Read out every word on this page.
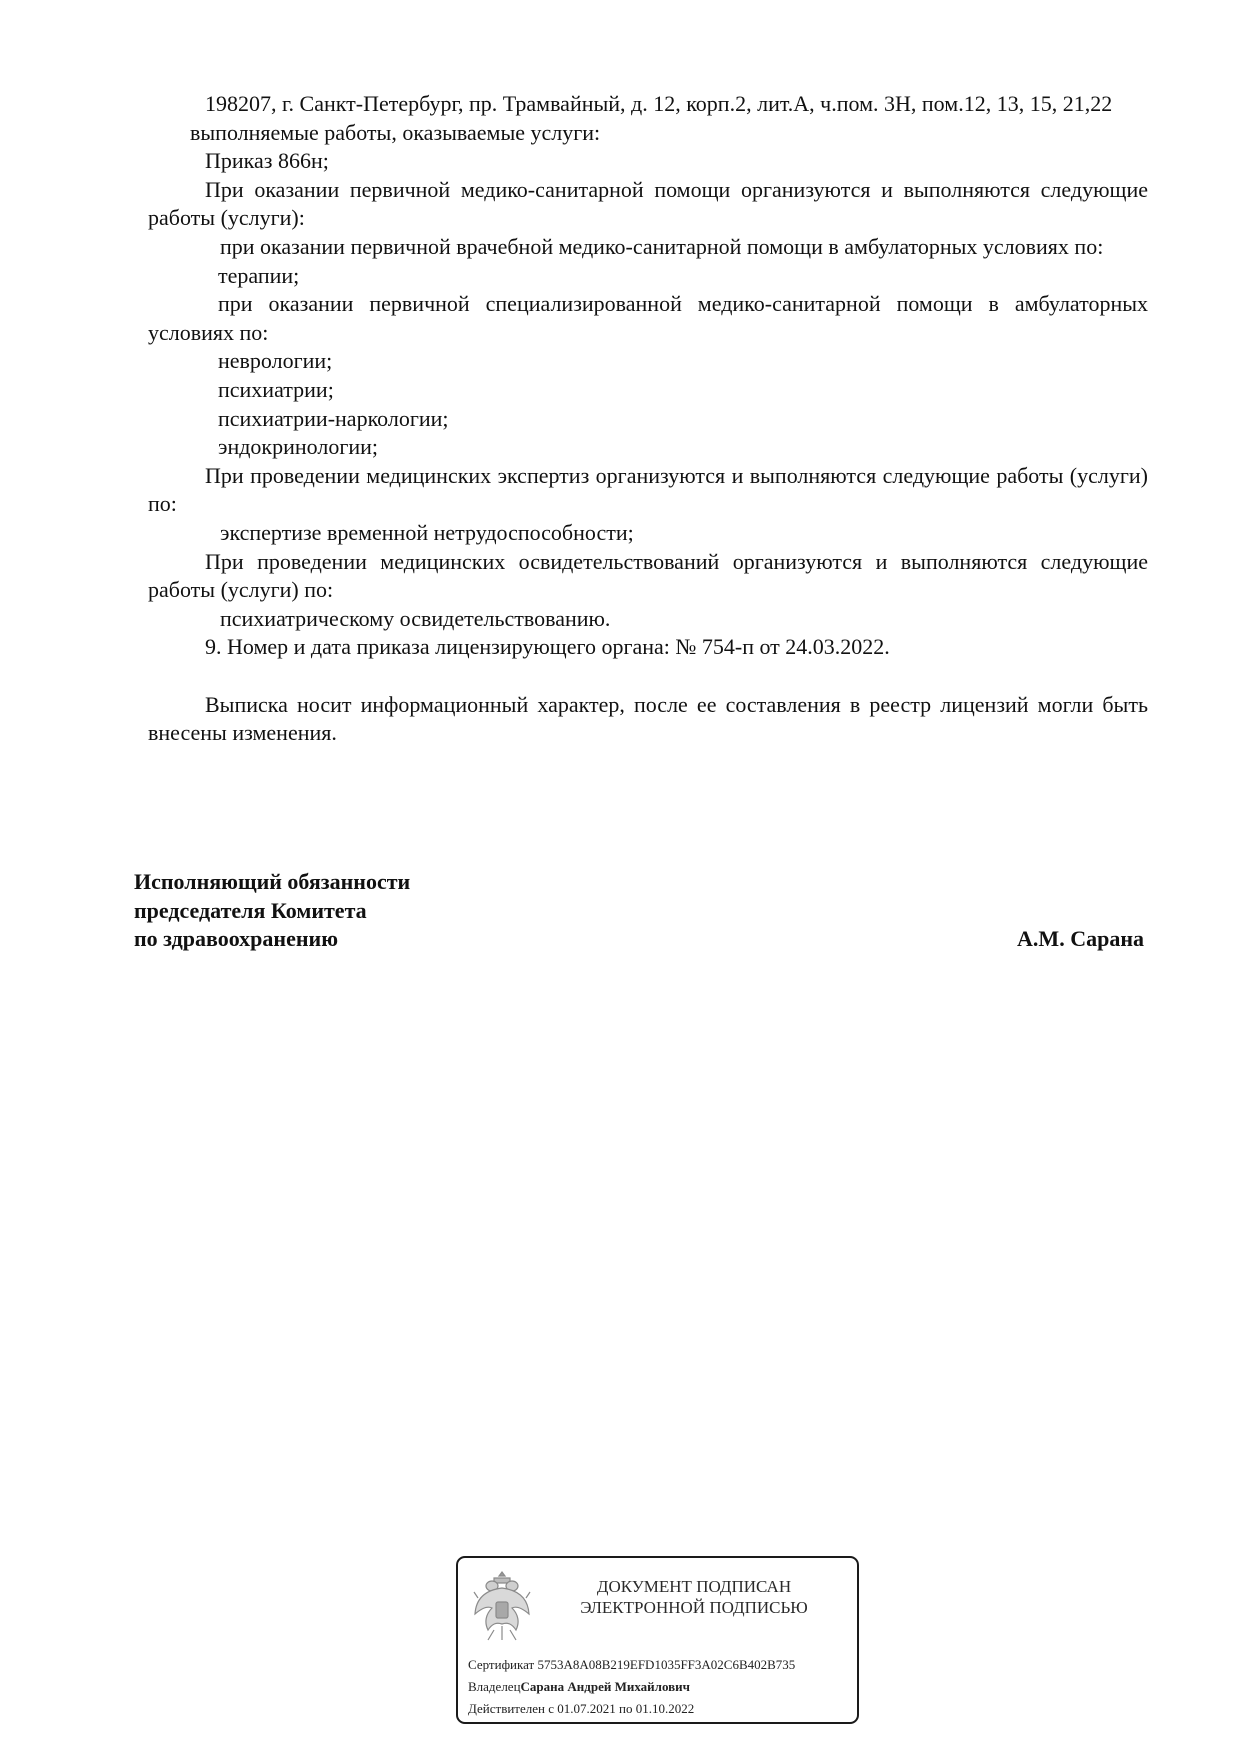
198207, г. Санкт-Петербург, пр. Трамвайный, д. 12, корп.2, лит.А, ч.пом. 3Н, пом.12, 13, 15, 21,22

выполняемые работы, оказываемые услуги:

Приказ 866н;

При оказании первичной медико-санитарной помощи организуются и выполняются следующие работы (услуги):

при оказании первичной врачебной медико-санитарной помощи в амбулаторных условиях по:

терапии;

при оказании первичной специализированной медико-санитарной помощи в амбулаторных условиях по:

неврологии;

психиатрии;

психиатрии-наркологии;

эндокринологии;

При проведении медицинских экспертиз организуются и выполняются следующие работы (услуги) по:

экспертизе временной нетрудоспособности;

При проведении медицинских освидетельствований организуются и выполняются следующие работы (услуги) по:

психиатрическому освидетельствованию.

9. Номер и дата приказа лицензирующего органа: № 754-п от 24.03.2022.

Выписка носит информационный характер, после ее составления в реестр лицензий могли быть внесены изменения.

Исполняющий обязанности
председателя Комитета
по здравоохранению	А.М. Сарана
ДОКУМЕНТ ПОДПИСАН
ЭЛЕКТРОННОЙ ПОДПИСЬЮ
Сертификат 5753A8A08B219EFD1035FF3A02C6B402B735
ВладелецСарана Андрей Михайлович
Действителен с 01.07.2021 по 01.10.2022
